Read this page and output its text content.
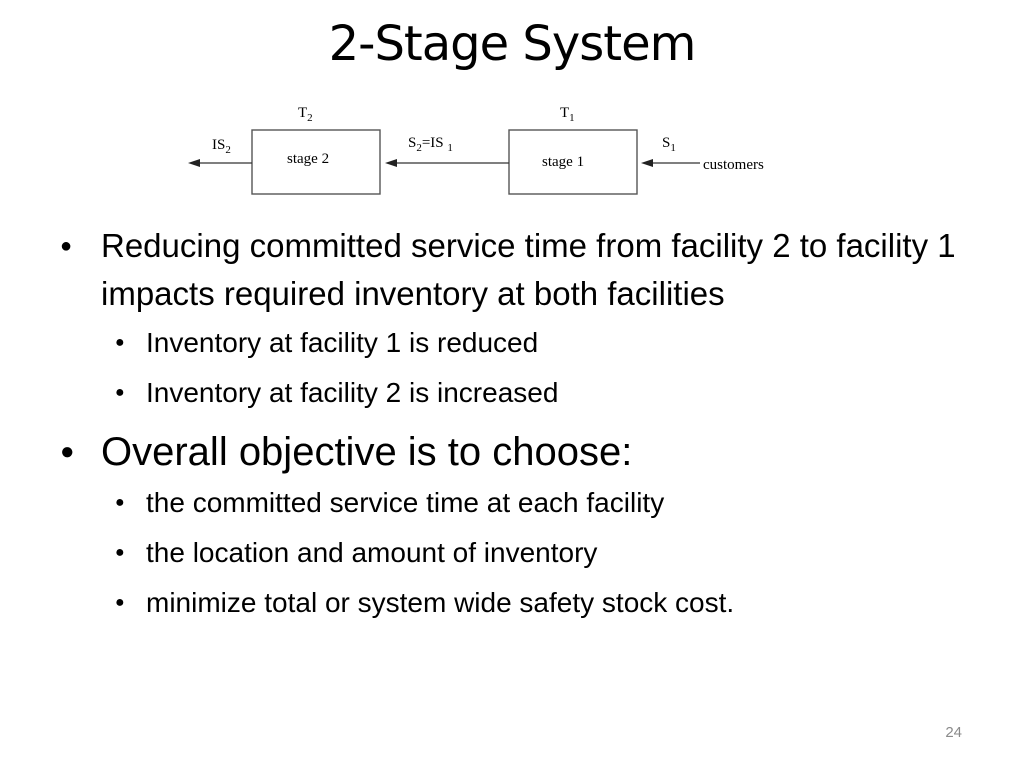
2-Stage System
$T_2$	$T_1$
$IS_2$	$S_2=IS$ $_1$	$S_1$
stage 2	stage 1	customers
● Reducing committed service time from facility 2 to facility 1 impacts required inventory at both facilities
● Inventory at facility 1 is reduced
● Inventory at facility 2 is increased
● Overall objective is to choose:
● the committed service time at each facility
● the location and amount of inventory
● minimize total or system wide safety stock cost.
24
